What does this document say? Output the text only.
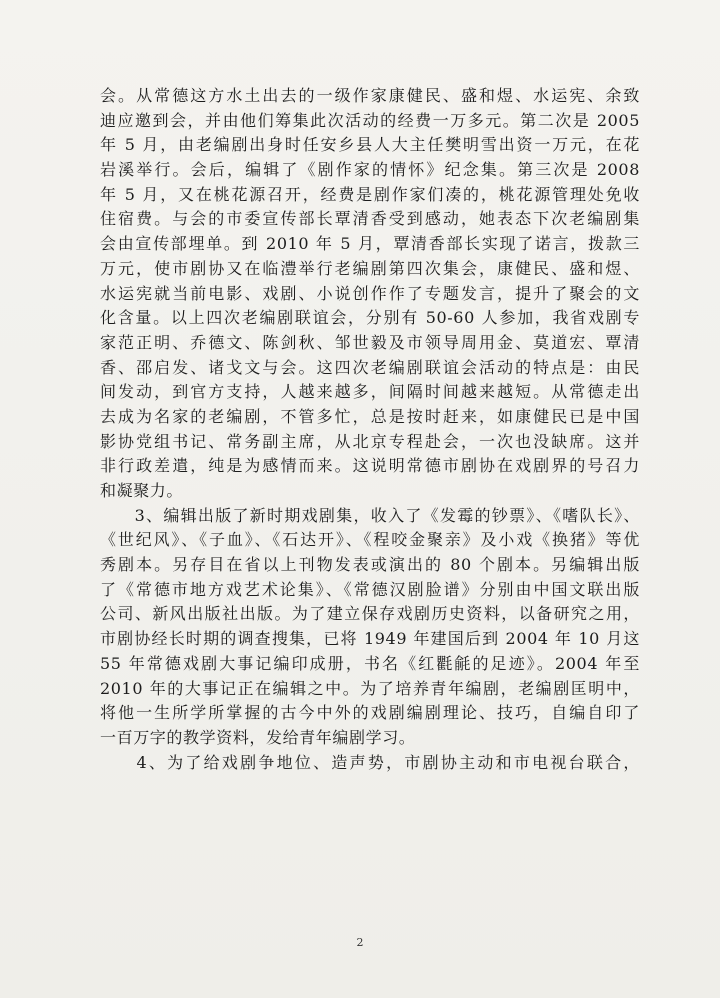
会。从常德这方水土出去的一级作家康健民、盛和煜、水运宪、余致
迪应邀到会，并由他们筹集此次活动的经费一万多元。第二次是 2005
年 5 月，由老编剧出身时任安乡县人大主任樊明雪出资一万元，在花
岩溪举行。会后，编辑了《剧作家的情怀》纪念集。第三次是 2008
年 5 月，又在桃花源召开，经费是剧作家们凑的，桃花源管理处免收
住宿费。与会的市委宣传部长覃清香受到感动，她表态下次老编剧集
会由宣传部埋单。到 2010 年 5 月，覃清香部长实现了诺言，拨款三
万元，使市剧协又在临澧举行老编剧第四次集会，康健民、盛和煜、
水运宪就当前电影、戏剧、小说创作作了专题发言，提升了聚会的文
化含量。以上四次老编剧联谊会，分别有 50-60 人参加，我省戏剧专
家范正明、乔德文、陈剑秋、邹世毅及市领导周用金、莫道宏、覃清
香、邵启发、诸戈文与会。这四次老编剧联谊会活动的特点是：由民
间发动，到官方支持，人越来越多，间隔时间越来越短。从常德走出
去成为名家的老编剧，不管多忙，总是按时赶来，如康健民已是中国
影协党组书记、常务副主席，从北京专程赴会，一次也没缺席。这并
非行政差遣，纯是为感情而来。这说明常德市剧协在戏剧界的号召力
和凝聚力。
　　3、编辑出版了新时期戏剧集，收入了《发霉的钞票》、《嗜队长》、
《世纪风》、《子血》、《石达开》、《程咬金聚亲》及小戏《换猪》等优
秀剧本。另存目在省以上刊物发表或演出的 80 个剧本。另编辑出版
了《常德市地方戏艺术论集》、《常德汉剧脸谱》分别由中国文联出版
公司、新风出版社出版。为了建立保存戏剧历史资料，以备研究之用，
市剧协经长时期的调查搜集，已将 1949 年建国后到 2004 年 10 月这
55 年常德戏剧大事记编印成册，书名《红氍毹的足迹》。2004 年至
2010 年的大事记正在编辑之中。为了培养青年编剧，老编剧匡明中，
将他一生所学所掌握的古今中外的戏剧编剧理论、技巧，自编自印了
一百万字的教学资料，发给青年编剧学习。
　　4、为了给戏剧争地位、造声势，市剧协主动和市电视台联合，
2
